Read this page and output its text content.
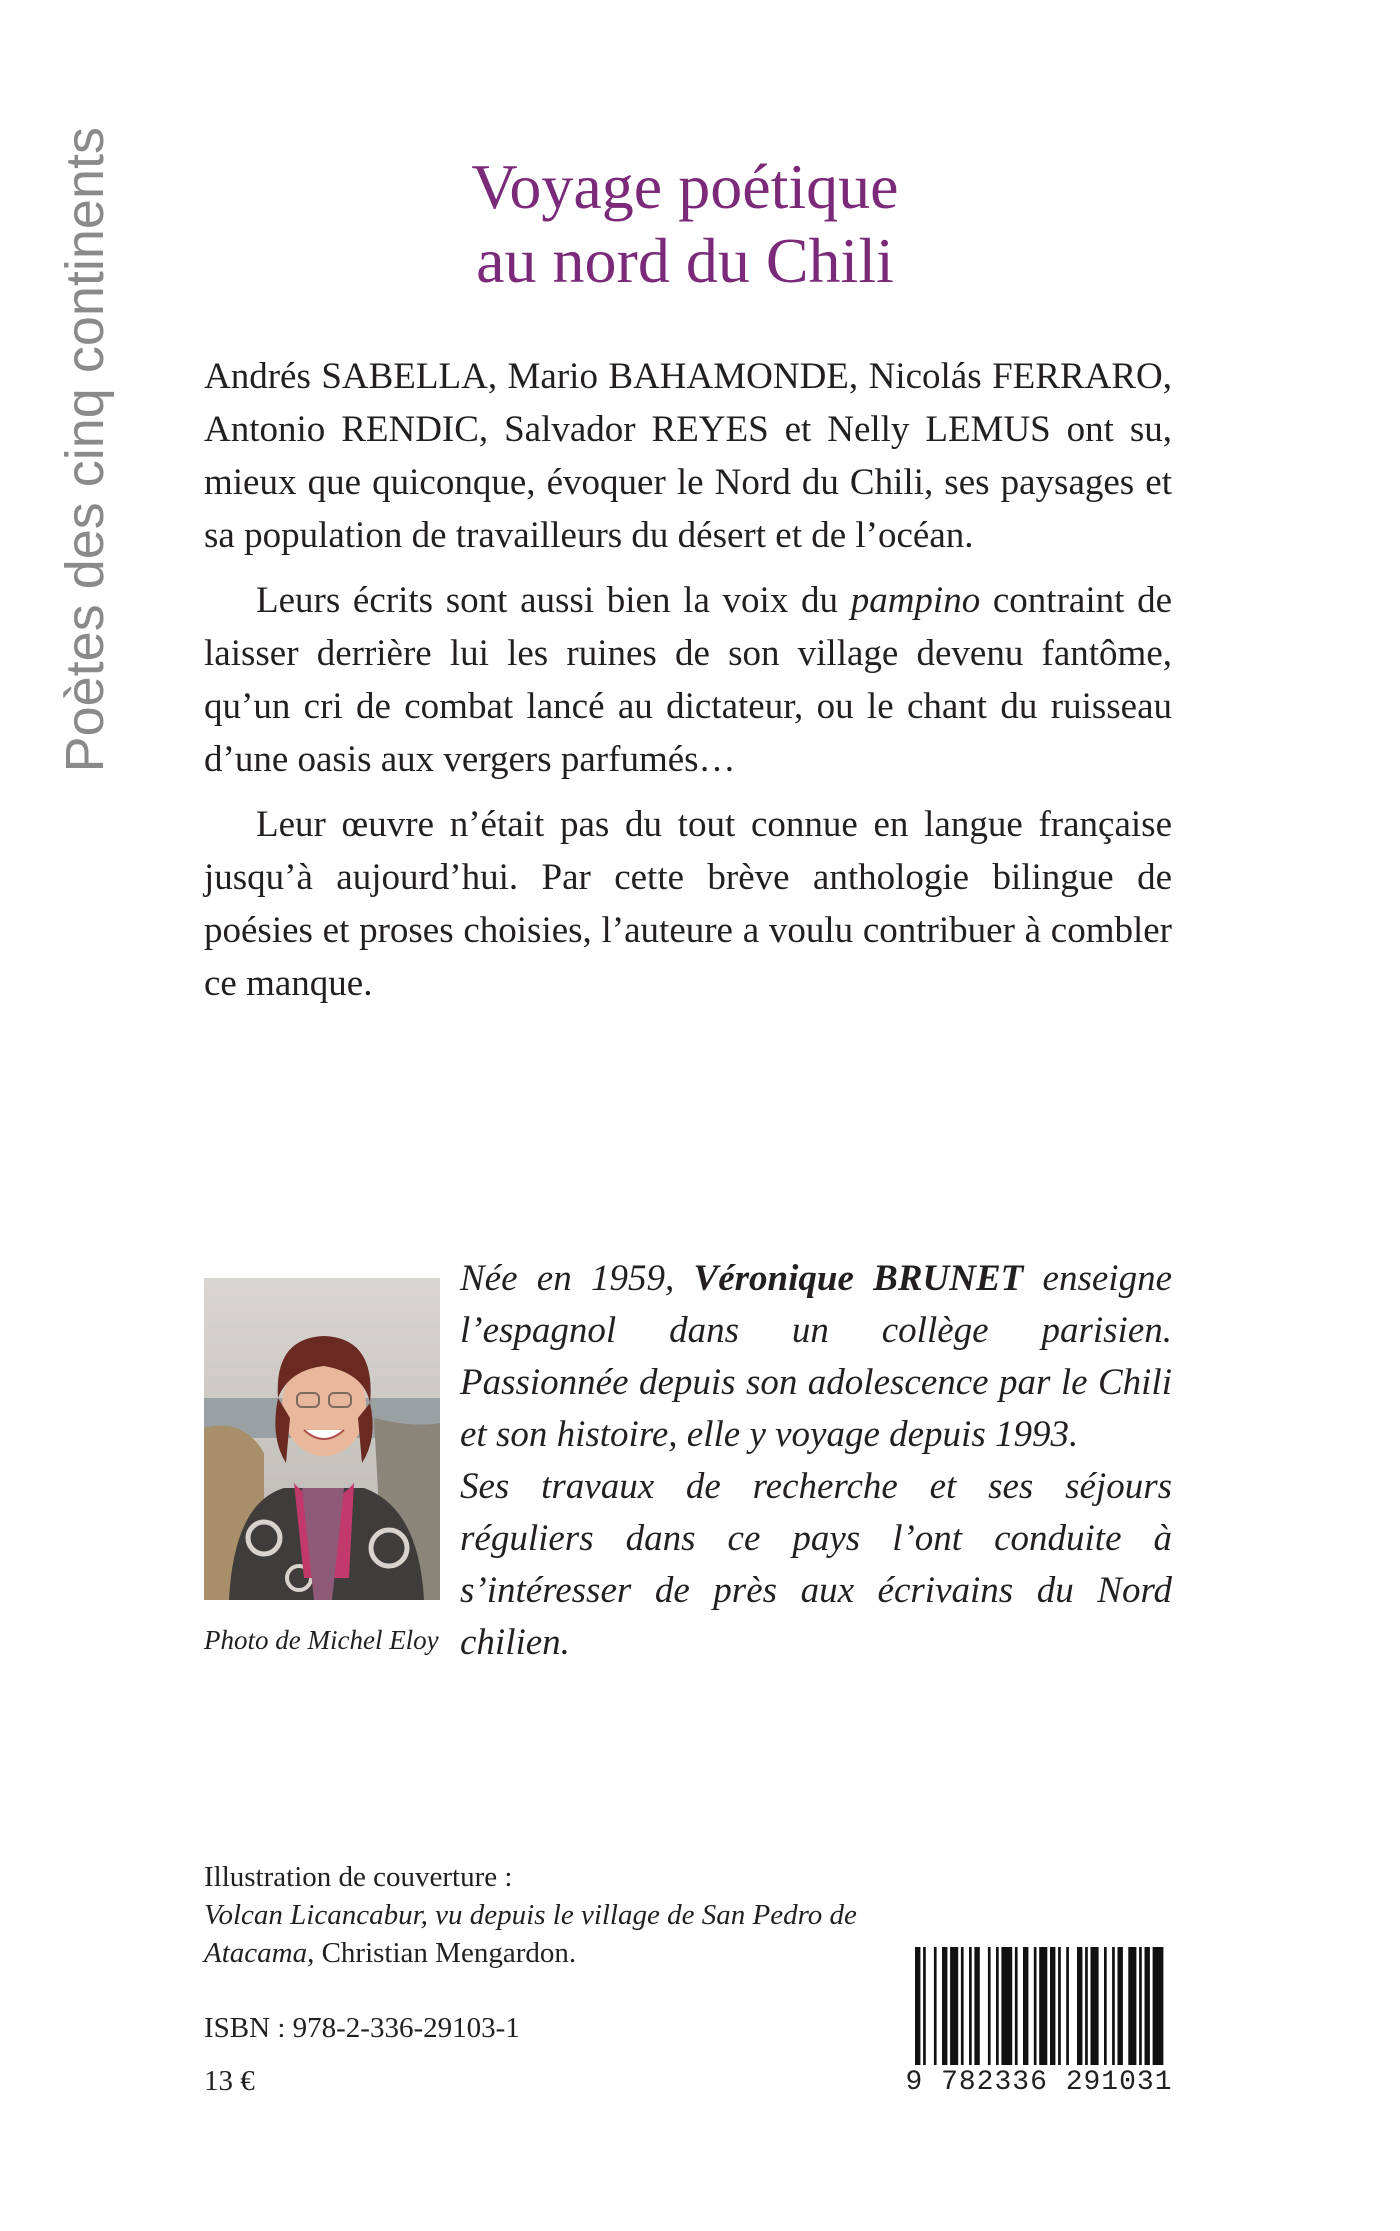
Poètes des cinq continents	Voyage poétique
au nord du Chili

Andrés SABELLA, Mario BAHAMONDE, Nicolás FERRARO, Antonio RENDIC, Salvador REYES et Nelly LEMUS ont su, mieux que quiconque, évoquer le Nord du Chili, ses paysages et sa population de travailleurs du désert et de l’océan.

Leurs écrits sont aussi bien la voix du pampino contraint de laisser derrière lui les ruines de son village devenu fantôme, qu’un cri de combat lancé au dictateur, ou le chant du ruisseau d’une oasis aux vergers parfumés…

Leur œuvre n’était pas du tout connue en langue française jusqu’à aujourd’hui. Par cette brève anthologie bilingue de poésies et proses choisies, l’auteure a voulu contribuer à combler ce manque.

Photo de Michel Eloy

Née en 1959, Véronique BRUNET enseigne l’espagnol dans un collège parisien. Passionnée depuis son adolescence par le Chili et son histoire, elle y voyage depuis 1993.

Ses travaux de recherche et ses séjours réguliers dans ce pays l’ont conduite à s’intéresser de près aux écrivains du Nord chilien.

Illustration de couverture :
Volcan Licancabur, vu depuis le village de San Pedro de Atacama, Christian Mengardon.
ISBN : 978-2-336-29103-1
13 €	9 782336 291031
